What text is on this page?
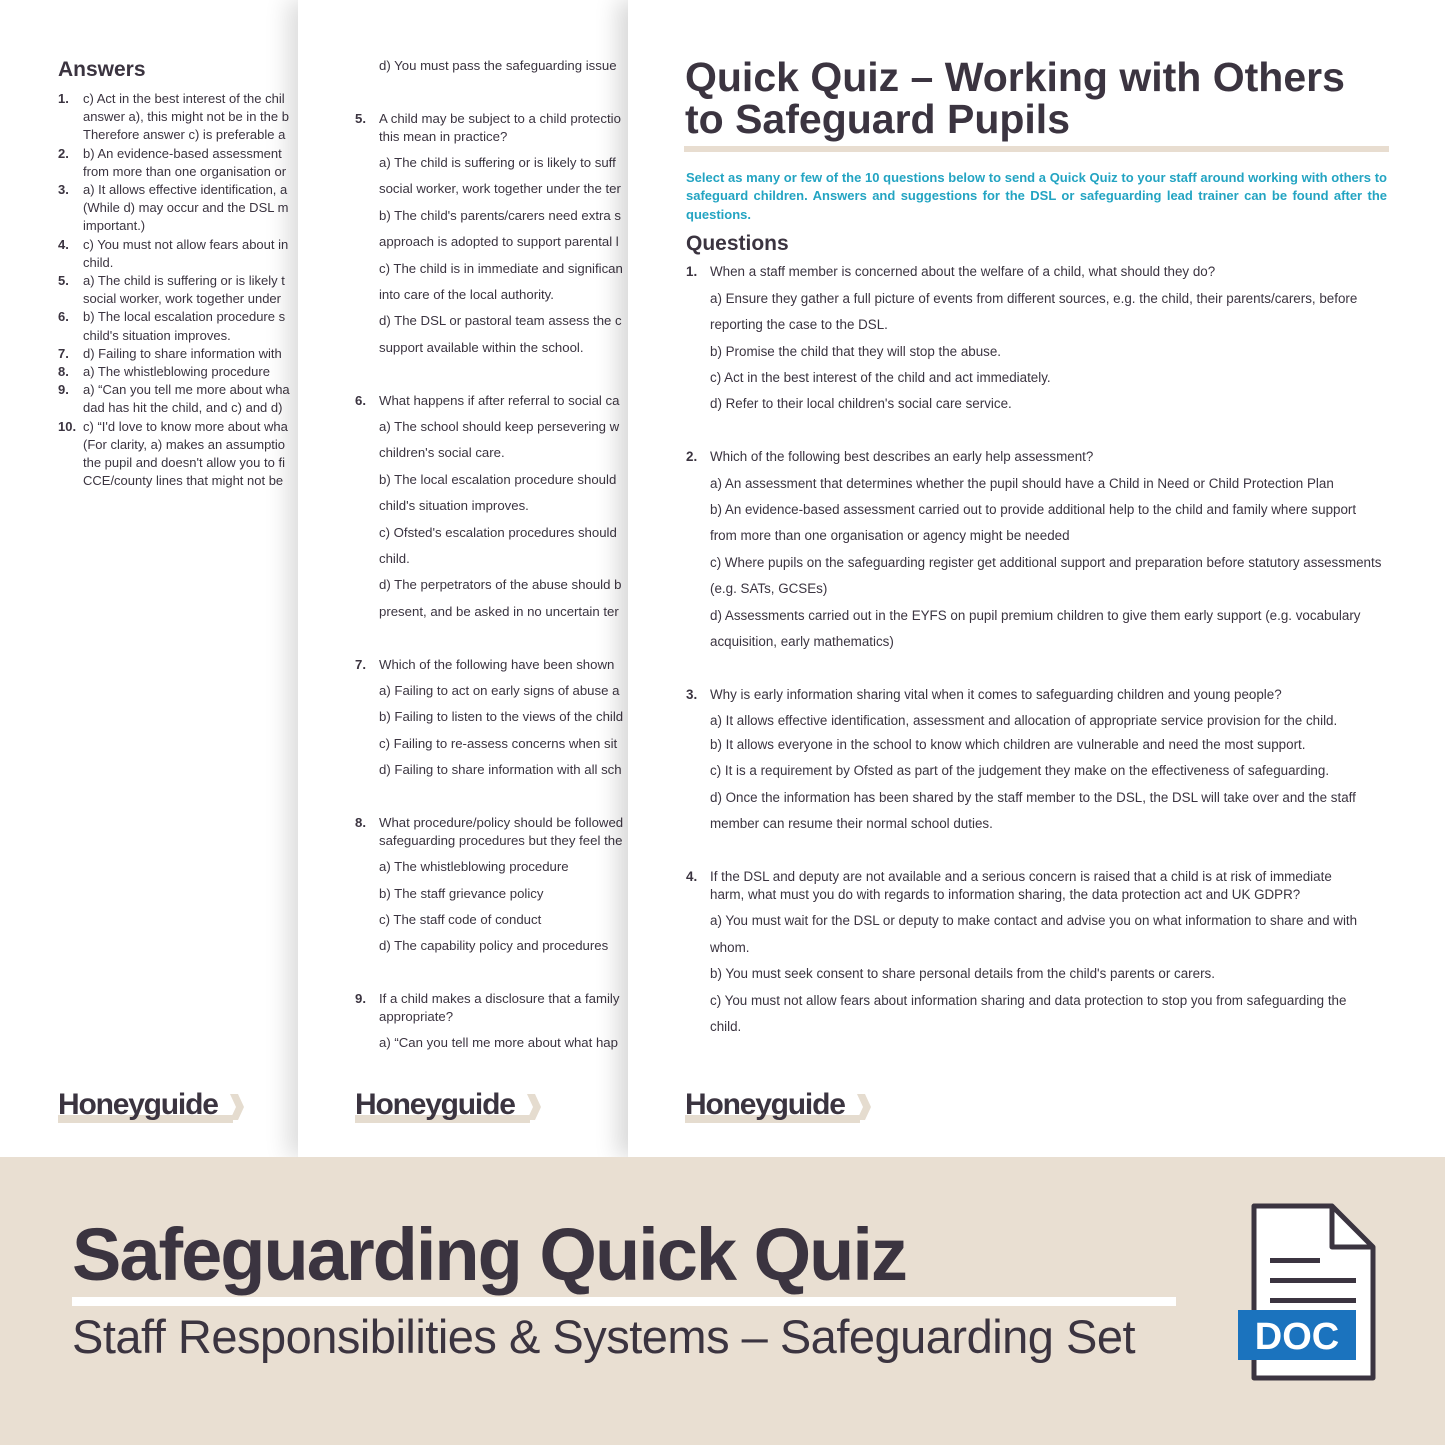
Answers
1.	c) Act in the best interest of the chil
answer a), this might not be in the b
Therefore answer c) is preferable a
2.	b) An evidence-based assessment
from more than one organisation or
3.	a) It allows effective identification, a
(While d) may occur and the DSL m
important.)
4.	c) You must not allow fears about in
child.
5.	a) The child is suffering or is likely t
social worker, work together under
6.	b) The local escalation procedure s
child's situation improves.
7.	d) Failing to share information with
8.	a) The whistleblowing procedure
9.	a) “Can you tell me more about wha
dad has hit the child, and c) and d)
10. c) “I'd love to know more about wha
(For clarity, a) makes an assumptio
the pupil and doesn't allow you to fi
CCE/county lines that might not be
Honeyguide
d) You must pass the safeguarding issue
5. A child may be subject to a child protectio
this mean in practice?
a) The child is suffering or is likely to suff
social worker, work together under the ter
b) The child's parents/carers need extra s
approach is adopted to support parental l
c) The child is in immediate and significan
into care of the local authority.
d) The DSL or pastoral team assess the c
support available within the school.
6. What happens if after referral to social ca
a) The school should keep persevering w
children's social care.
b) The local escalation procedure should
child's situation improves.
c) Ofsted's escalation procedures should
child.
d) The perpetrators of the abuse should b
present, and be asked in no uncertain ter
7. Which of the following have been shown
a) Failing to act on early signs of abuse a
b) Failing to listen to the views of the child
c) Failing to re-assess concerns when sit
d) Failing to share information with all sch
8. What procedure/policy should be followed
safeguarding procedures but they feel the
a) The whistleblowing procedure
b) The staff grievance policy
c) The staff code of conduct
d) The capability policy and procedures
9. If a child makes a disclosure that a family
appropriate?
a) “Can you tell me more about what hap
Honeyguide
Quick Quiz – Working with Others
to Safeguard Pupils
Select as many or few of the 10 questions below to send a Quick Quiz to your staff around working with others to safeguard children. Answers and suggestions for the DSL or safeguarding lead trainer can be found after the questions.
Questions
1. When a staff member is concerned about the welfare of a child, what should they do?
a) Ensure they gather a full picture of events from different sources, e.g. the child, their parents/carers, before
reporting the case to the DSL.
b) Promise the child that they will stop the abuse.
c) Act in the best interest of the child and act immediately.
d) Refer to their local children's social care service.
2. Which of the following best describes an early help assessment?
a) An assessment that determines whether the pupil should have a Child in Need or Child Protection Plan
b) An evidence-based assessment carried out to provide additional help to the child and family where support
from more than one organisation or agency might be needed
c) Where pupils on the safeguarding register get additional support and preparation before statutory assessments
(e.g. SATs, GCSEs)
d) Assessments carried out in the EYFS on pupil premium children to give them early support (e.g. vocabulary
acquisition, early mathematics)
3. Why is early information sharing vital when it comes to safeguarding children and young people?
a) It allows effective identification, assessment and allocation of appropriate service provision for the child.
b) It allows everyone in the school to know which children are vulnerable and need the most support.
c) It is a requirement by Ofsted as part of the judgement they make on the effectiveness of safeguarding.
d) Once the information has been shared by the staff member to the DSL, the DSL will take over and the staff
member can resume their normal school duties.
4. If the DSL and deputy are not available and a serious concern is raised that a child is at risk of immediate
harm, what must you do with regards to information sharing, the data protection act and UK GDPR?
a) You must wait for the DSL or deputy to make contact and advise you on what information to share and with
whom.
b) You must seek consent to share personal details from the child's parents or carers.
c) You must not allow fears about information sharing and data protection to stop you from safeguarding the
child.
Honeyguide
Safeguarding Quick Quiz
Staff Responsibilities & Systems – Safeguarding Set	DOC
